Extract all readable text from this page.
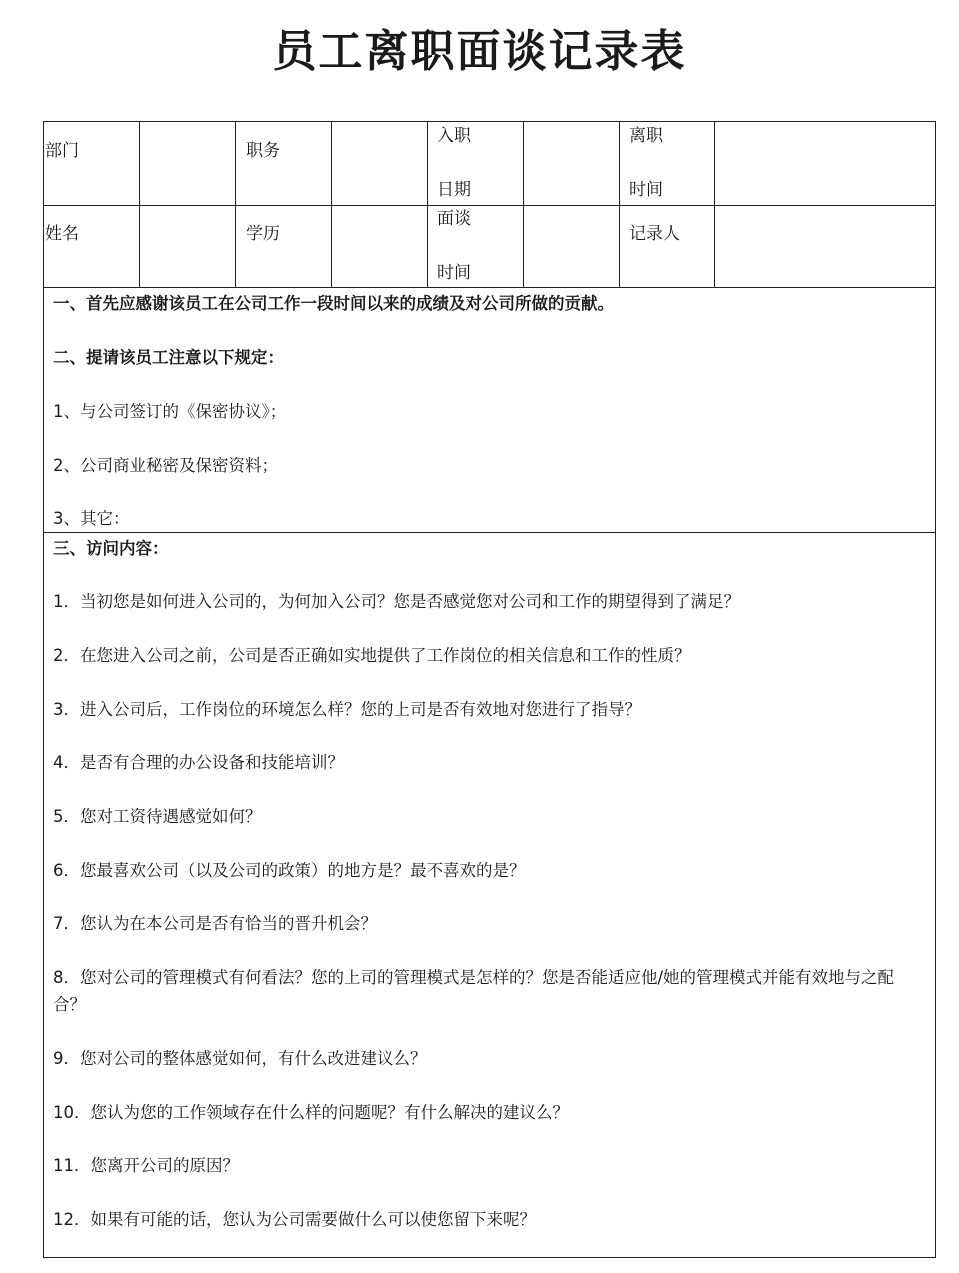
员工离职面谈记录表
部门	职务
入职
日期
离职
时间
姓名	学历
面谈
时间
记录人

一、首先应感谢该员工在公司工作一段时间以来的成绩及对公司所做的贡献。

二、提请该员工注意以下规定：

1、与公司签订的《保密协议》；

2、公司商业秘密及保密资料；

3、其它：

三、访问内容：

1．当初您是如何进入公司的，为何加入公司？您是否感觉您对公司和工作的期望得到了满足？

2．在您进入公司之前，公司是否正确如实地提供了工作岗位的相关信息和工作的性质？

3．进入公司后，工作岗位的环境怎么样？您的上司是否有效地对您进行了指导？

4．是否有合理的办公设备和技能培训？

5．您对工资待遇感觉如何？

6．您最喜欢公司（以及公司的政策）的地方是？最不喜欢的是？

7．您认为在本公司是否有恰当的晋升机会？

8．您对公司的管理模式有何看法？您的上司的管理模式是怎样的？您是否能适应他/她的管理模式并能有效地与之配合？

9．您对公司的整体感觉如何，有什么改进建议么？

10．您认为您的工作领域存在什么样的问题呢？有什么解决的建议么？

11．您离开公司的原因？

12．如果有可能的话，您认为公司需要做什么可以使您留下来呢？
